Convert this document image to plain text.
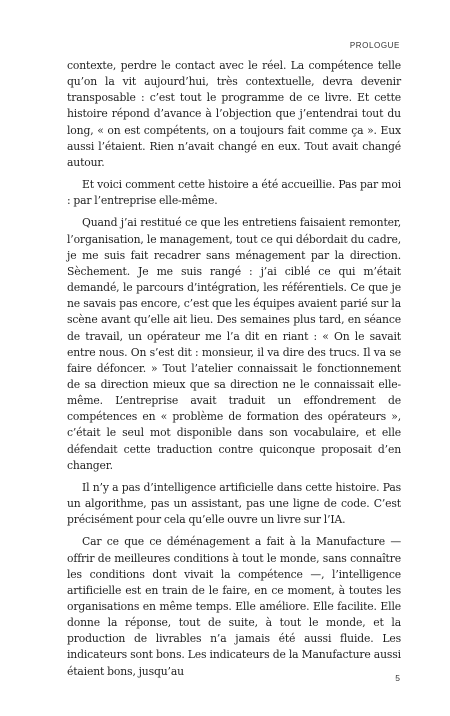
PROLOGUE

contexte, perdre le contact avec le réel. La compétence telle qu’on la vit aujourd’hui, très contextuelle, devra devenir transposable : c’est tout le programme de ce livre. Et cette histoire répond d’avance à l’objection que j’entendrai tout du long, « on est compétents, on a toujours fait comme ça ». Eux aussi l’étaient. Rien n’avait changé en eux. Tout avait changé autour.

Et voici comment cette histoire a été accueillie. Pas par moi : par l’entreprise elle-même.

Quand j’ai restitué ce que les entretiens faisaient remonter, l’organisation, le management, tout ce qui débordait du cadre, je me suis fait recadrer sans ménagement par la direction. Sèchement. Je me suis rangé : j’ai ciblé ce qui m’était demandé, le parcours d’intégration, les référentiels. Ce que je ne savais pas encore, c’est que les équipes avaient parié sur la scène avant qu’elle ait lieu. Des semaines plus tard, en séance de travail, un opérateur me l’a dit en riant : « On le savait entre nous. On s’est dit : monsieur, il va dire des trucs. Il va se faire défoncer. » Tout l’atelier connaissait le fonctionnement de sa direction mieux que sa direction ne le connaissait elle-même. L’entreprise avait traduit un effondrement de compétences en « problème de formation des opérateurs », c’était le seul mot disponible dans son vocabulaire, et elle défendait cette traduction contre quiconque proposait d’en changer.

Il n’y a pas d’intelligence artificielle dans cette histoire. Pas un algorithme, pas un assistant, pas une ligne de code. C’est précisément pour cela qu’elle ouvre un livre sur l’IA.

Car ce que ce déménagement a fait à la Manufacture — offrir de meilleures conditions à tout le monde, sans connaître les conditions dont vivait la compétence —, l’intelligence artificielle est en train de le faire, en ce moment, à toutes les organisations en même temps. Elle améliore. Elle facilite. Elle donne la réponse, tout de suite, à tout le monde, et la production de livrables n’a jamais été aussi fluide. Les indicateurs sont bons. Les indicateurs de la Manufacture aussi étaient bons, jusqu’au

5
